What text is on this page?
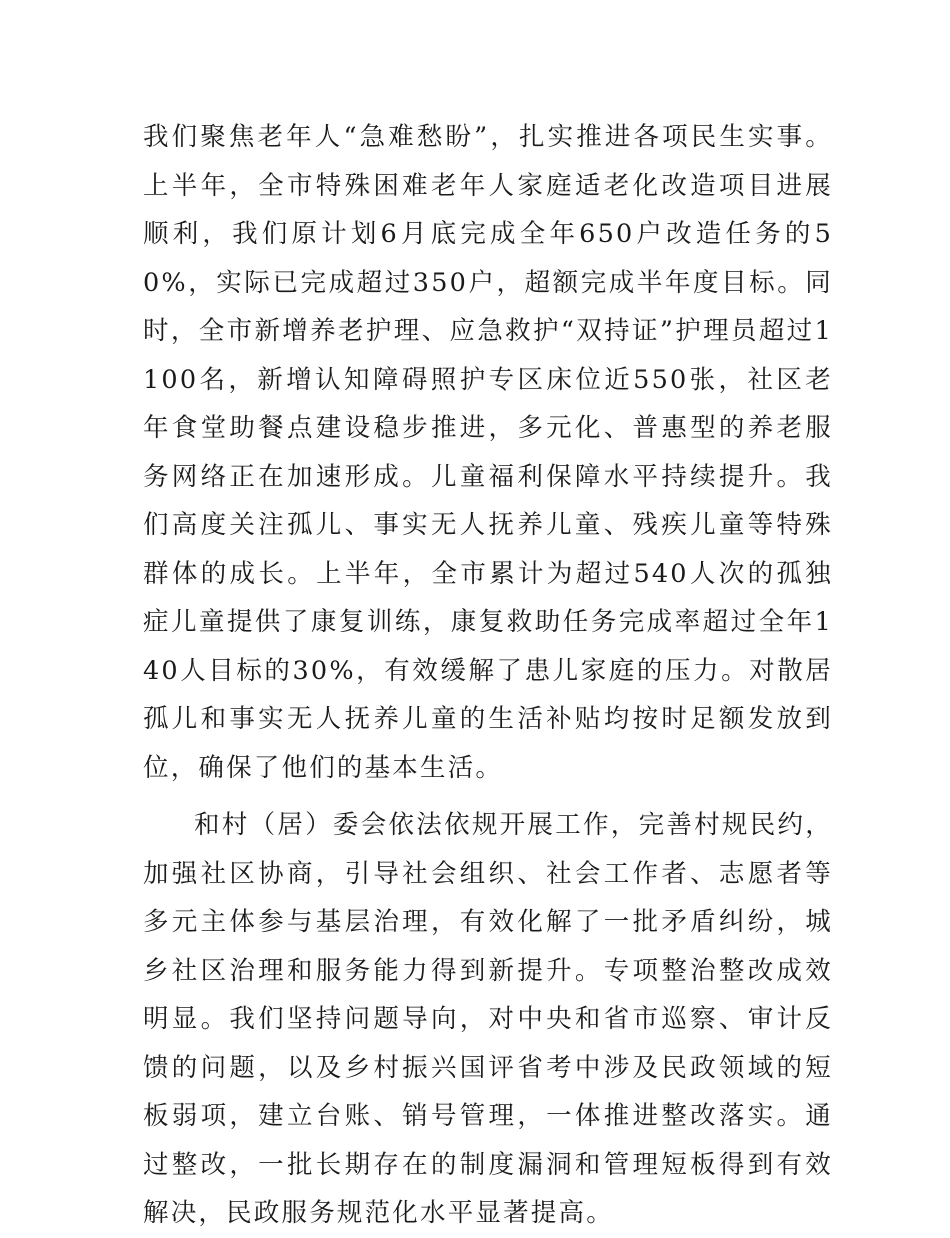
我们聚焦老年人“急难愁盼”，扎实推进各项民生实事。上半年，全市特殊困难老年人家庭适老化改造项目进展顺利，我们原计划6月底完成全年650户改造任务的50%，实际已完成超过350户，超额完成半年度目标。同时，全市新增养老护理、应急救护“双持证”护理员超过1100名，新增认知障碍照护专区床位近550张，社区老年食堂助餐点建设稳步推进，多元化、普惠型的养老服务网络正在加速形成。儿童福利保障水平持续提升。我们高度关注孤儿、事实无人抚养儿童、残疾儿童等特殊群体的成长。上半年，全市累计为超过540人次的孤独症儿童提供了康复训练，康复救助任务完成率超过全年140人目标的30%，有效缓解了患儿家庭的压力。对散居孤儿和事实无人抚养儿童的生活补贴均按时足额发放到位，确保了他们的基本生活。

和村（居）委会依法依规开展工作，完善村规民约，加强社区协商，引导社会组织、社会工作者、志愿者等多元主体参与基层治理，有效化解了一批矛盾纠纷，城乡社区治理和服务能力得到新提升。专项整治整改成效明显。我们坚持问题导向，对中央和省市巡察、审计反馈的问题，以及乡村振兴国评省考中涉及民政领域的短板弱项，建立台账、销号管理，一体推进整改落实。通过整改，一批长期存在的制度漏洞和管理短板得到有效解决，民政服务规范化水平显著提高。
